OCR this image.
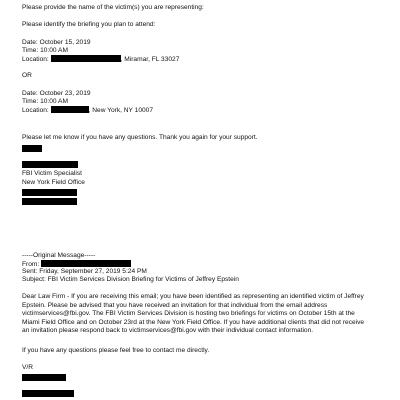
Please provide the name of the victim(s) you are representing:
Please identify the briefing you plan to attend:
Date: October 15, 2019
Time: 10:00 AM
Location:	, Miramar, FL 33027
OR
Date: October 23, 2019
Time: 10:00 AM
Location:	, New York, NY 10007
Please let me know if you have any questions. Thank you again for your support.
FBI Victim Specialist
New York Field Office
-----Original Message-----
From:
Sent: Friday, September 27, 2019 5:24 PM
Subject: FBI Victim Services Division Briefing for Victims of Jeffrey Epstein
Dear Law Firm - If you are receiving this email; you have been identified as representing an identified victim of Jeffrey Epstein. Please be advised that you have received an invitation for that individual from the email address victimservices@fbi.gov. The FBI Victim Services Division is hosting two briefings for victims on October 15th at the Miami Field Office and on October 23rd at the New York Field Office. If you have additional clients that did not receive an invitation please respond back to victimservices@fbi.gov with their individual contact information.
If you have any questions please feel free to contact me directly.
V/R
